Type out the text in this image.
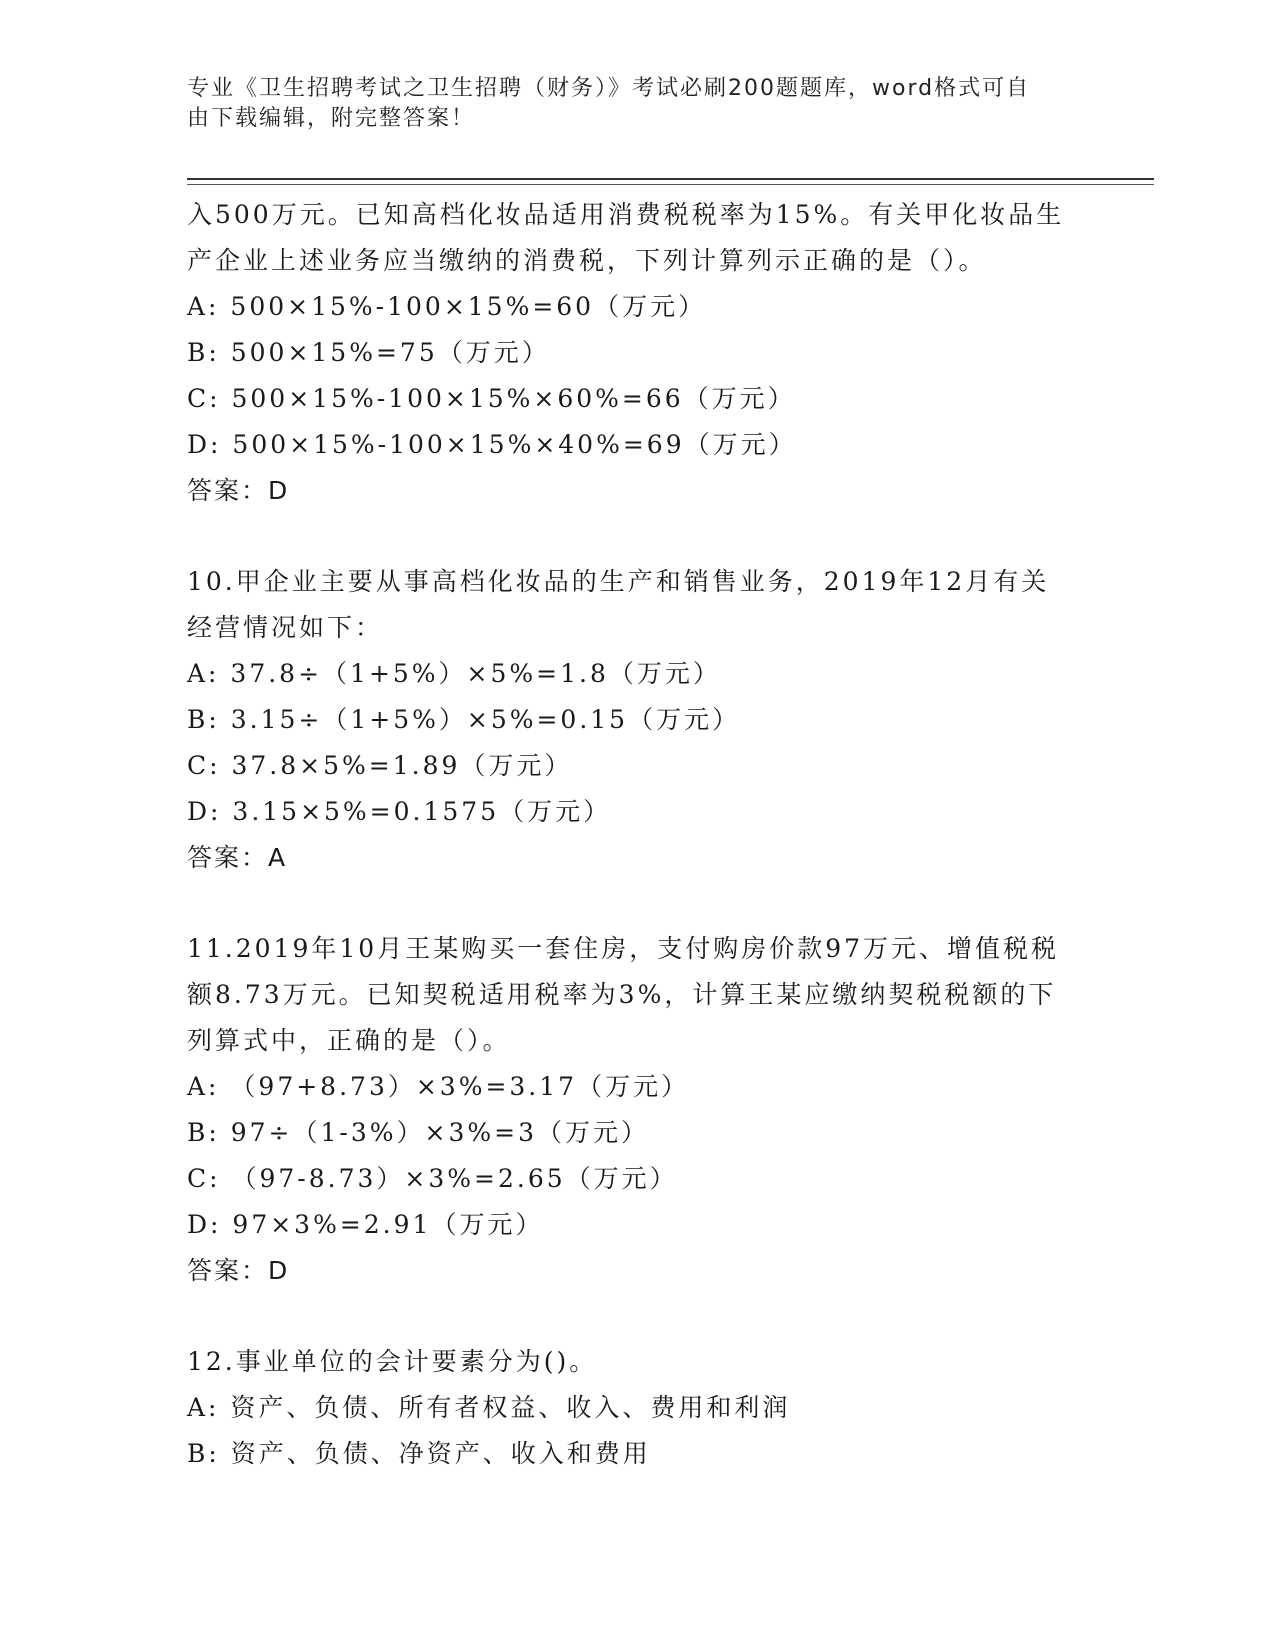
专业《卫生招聘考试之卫生招聘（财务）》考试必刷200题题库，word格式可自
由下载编辑，附完整答案！
入500万元。已知高档化妆品适用消费税税率为15%。有关甲化妆品生
产企业上述业务应当缴纳的消费税，下列计算列示正确的是（）。
A: 500×15%-100×15%=60（万元）
B: 500×15%=75（万元）
C: 500×15%-100×15%×60%=66（万元）
D: 500×15%-100×15%×40%=69（万元）
答案：D
10.甲企业主要从事高档化妆品的生产和销售业务，2019年12月有关
经营情况如下：
A: 37.8÷（1+5%）×5%=1.8（万元）
B: 3.15÷（1+5%）×5%=0.15（万元）
C: 37.8×5%=1.89（万元）
D: 3.15×5%=0.1575（万元）
答案：A
11.2019年10月王某购买一套住房，支付购房价款97万元、增值税税
额8.73万元。已知契税适用税率为3%，计算王某应缴纳契税税额的下
列算式中，正确的是（）。
A: （97+8.73）×3%=3.17（万元）
B: 97÷（1-3%）×3%=3（万元）
C: （97-8.73）×3%=2.65（万元）
D: 97×3%=2.91（万元）
答案：D
12.事业单位的会计要素分为()。
A: 资产、负债、所有者权益、收入、费用和利润
B: 资产、负债、净资产、收入和费用
